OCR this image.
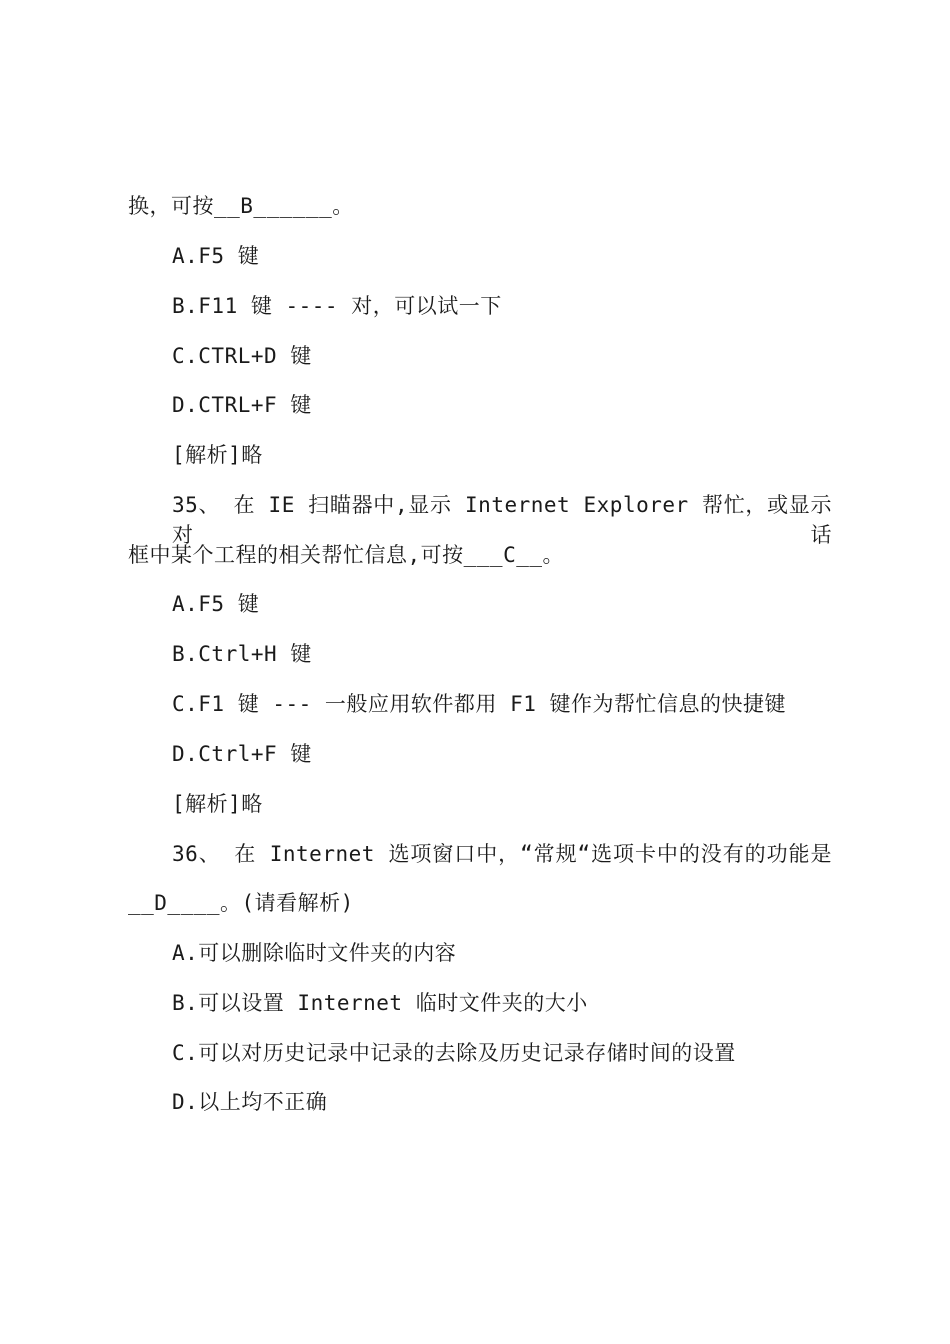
换，可按__B______。
A.F5 键
B.F11 键 ---- 对，可以试一下
C.CTRL+D 键
D.CTRL+F 键
[解析]略
35、 在 IE 扫瞄器中,显示 Internet Explorer 帮忙，或显示对话
框中某个工程的相关帮忙信息,可按___C__。
A.F5 键
B.Ctrl+H 键
C.F1 键 --- 一般应用软件都用 F1 键作为帮忙信息的快捷键
D.Ctrl+F 键
[解析]略
36、 在 Internet 选项窗口中，“常规“选项卡中的没有的功能是
__D____。(请看解析)
A.可以删除临时文件夹的内容
B.可以设置 Internet 临时文件夹的大小
C.可以对历史记录中记录的去除及历史记录存储时间的设置
D.以上均不正确
